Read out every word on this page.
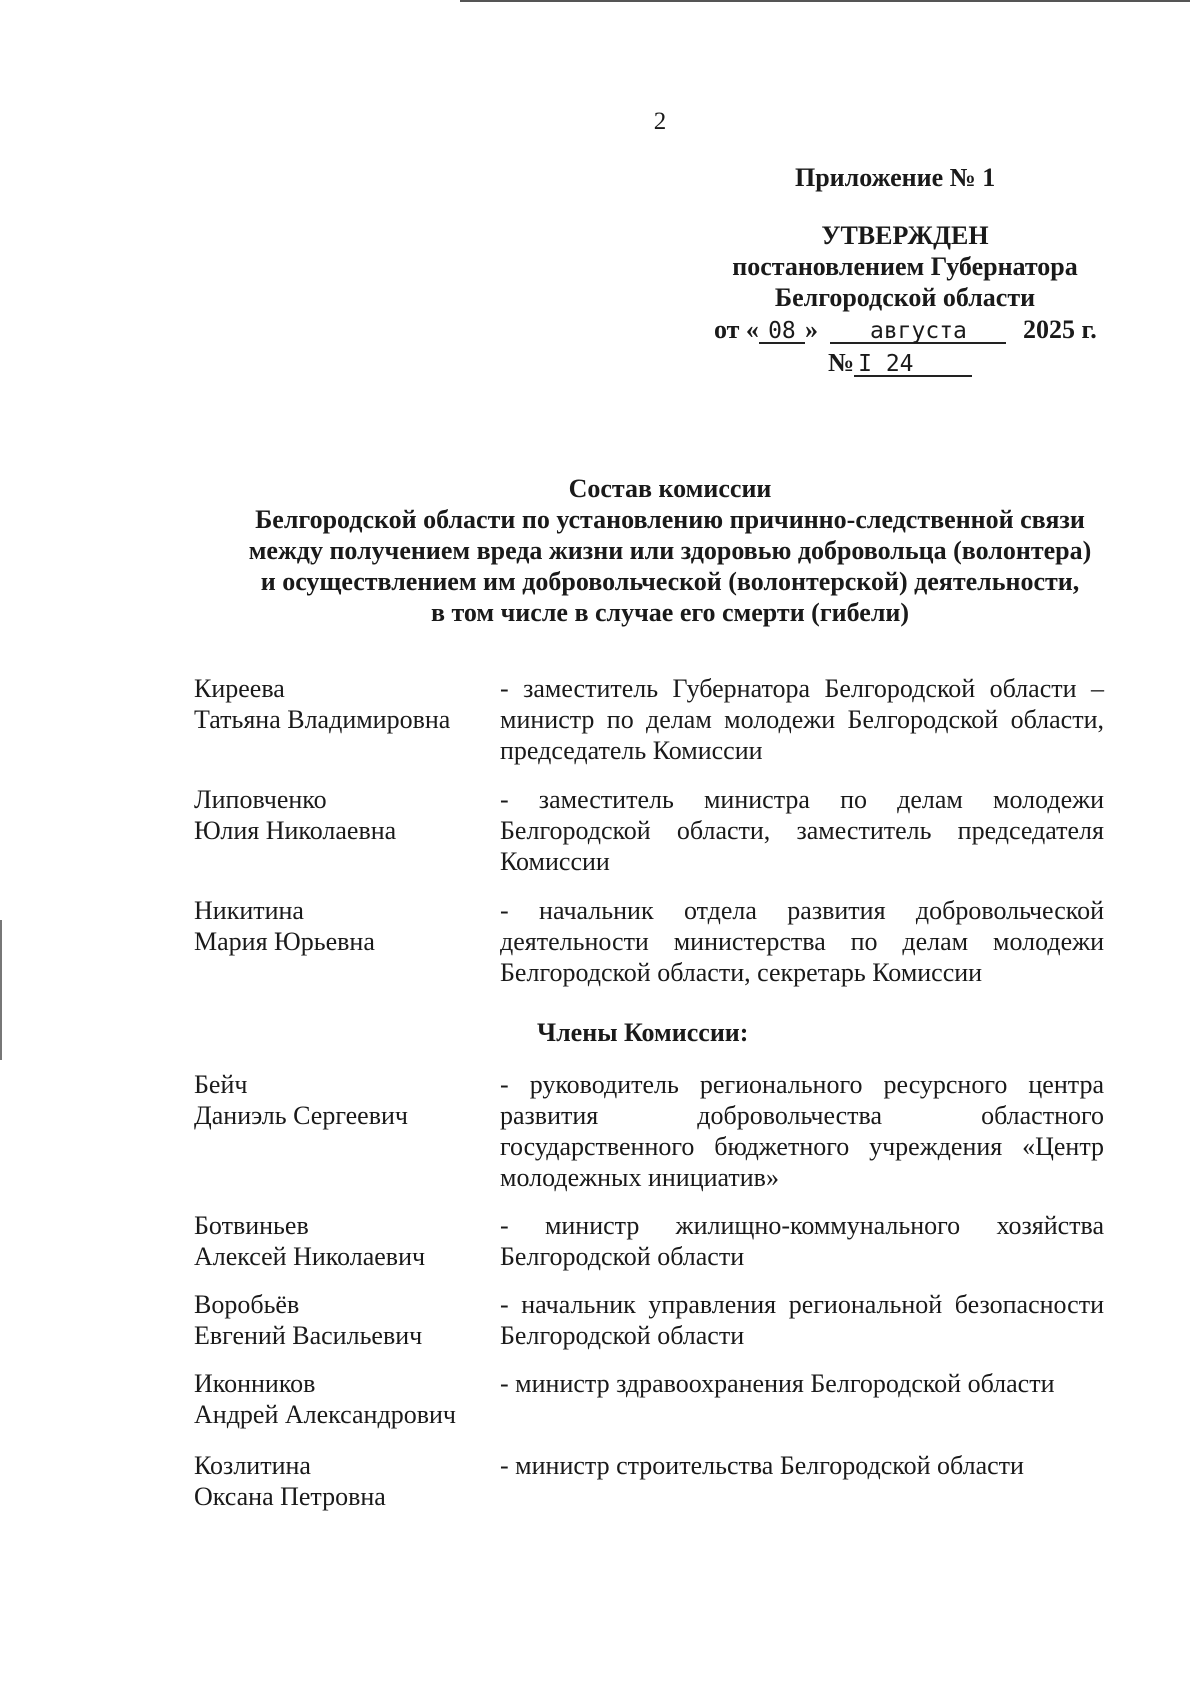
2
Приложение № 1
УТВЕРЖДЕН
постановлением Губернатора
Белгородской области
от « 08 » августа 2025 г.
№ I 24
Состав комиссии
Белгородской области по установлению причинно-следственной связи
между получением вреда жизни или здоровью добровольца (волонтера)
и осуществлением им добровольческой (волонтерской) деятельности,
в том числе в случае его смерти (гибели)
Киреева
Татьяна Владимировна
- заместитель Губернатора Белгородской области – министр по делам молодежи Белгородской области, председатель Комиссии
Липовченко
Юлия Николаевна
- заместитель министра по делам молодежи Белгородской области, заместитель председателя Комиссии
Никитина
Мария Юрьевна
- начальник отдела развития добровольческой деятельности министерства по делам молодежи Белгородской области, секретарь Комиссии
Члены Комиссии:
Бейч
Даниэль Сергеевич
- руководитель регионального ресурсного центра развития добровольчества областного государственного бюджетного учреждения «Центр молодежных инициатив»
Ботвиньев
Алексей Николаевич
- министр жилищно-коммунального хозяйства Белгородской области
Воробьёв
Евгений Васильевич
- начальник управления региональной безопасности Белгородской области
Иконников
Андрей Александрович
- министр здравоохранения Белгородской области
Козлитина
Оксана Петровна
- министр строительства Белгородской области
